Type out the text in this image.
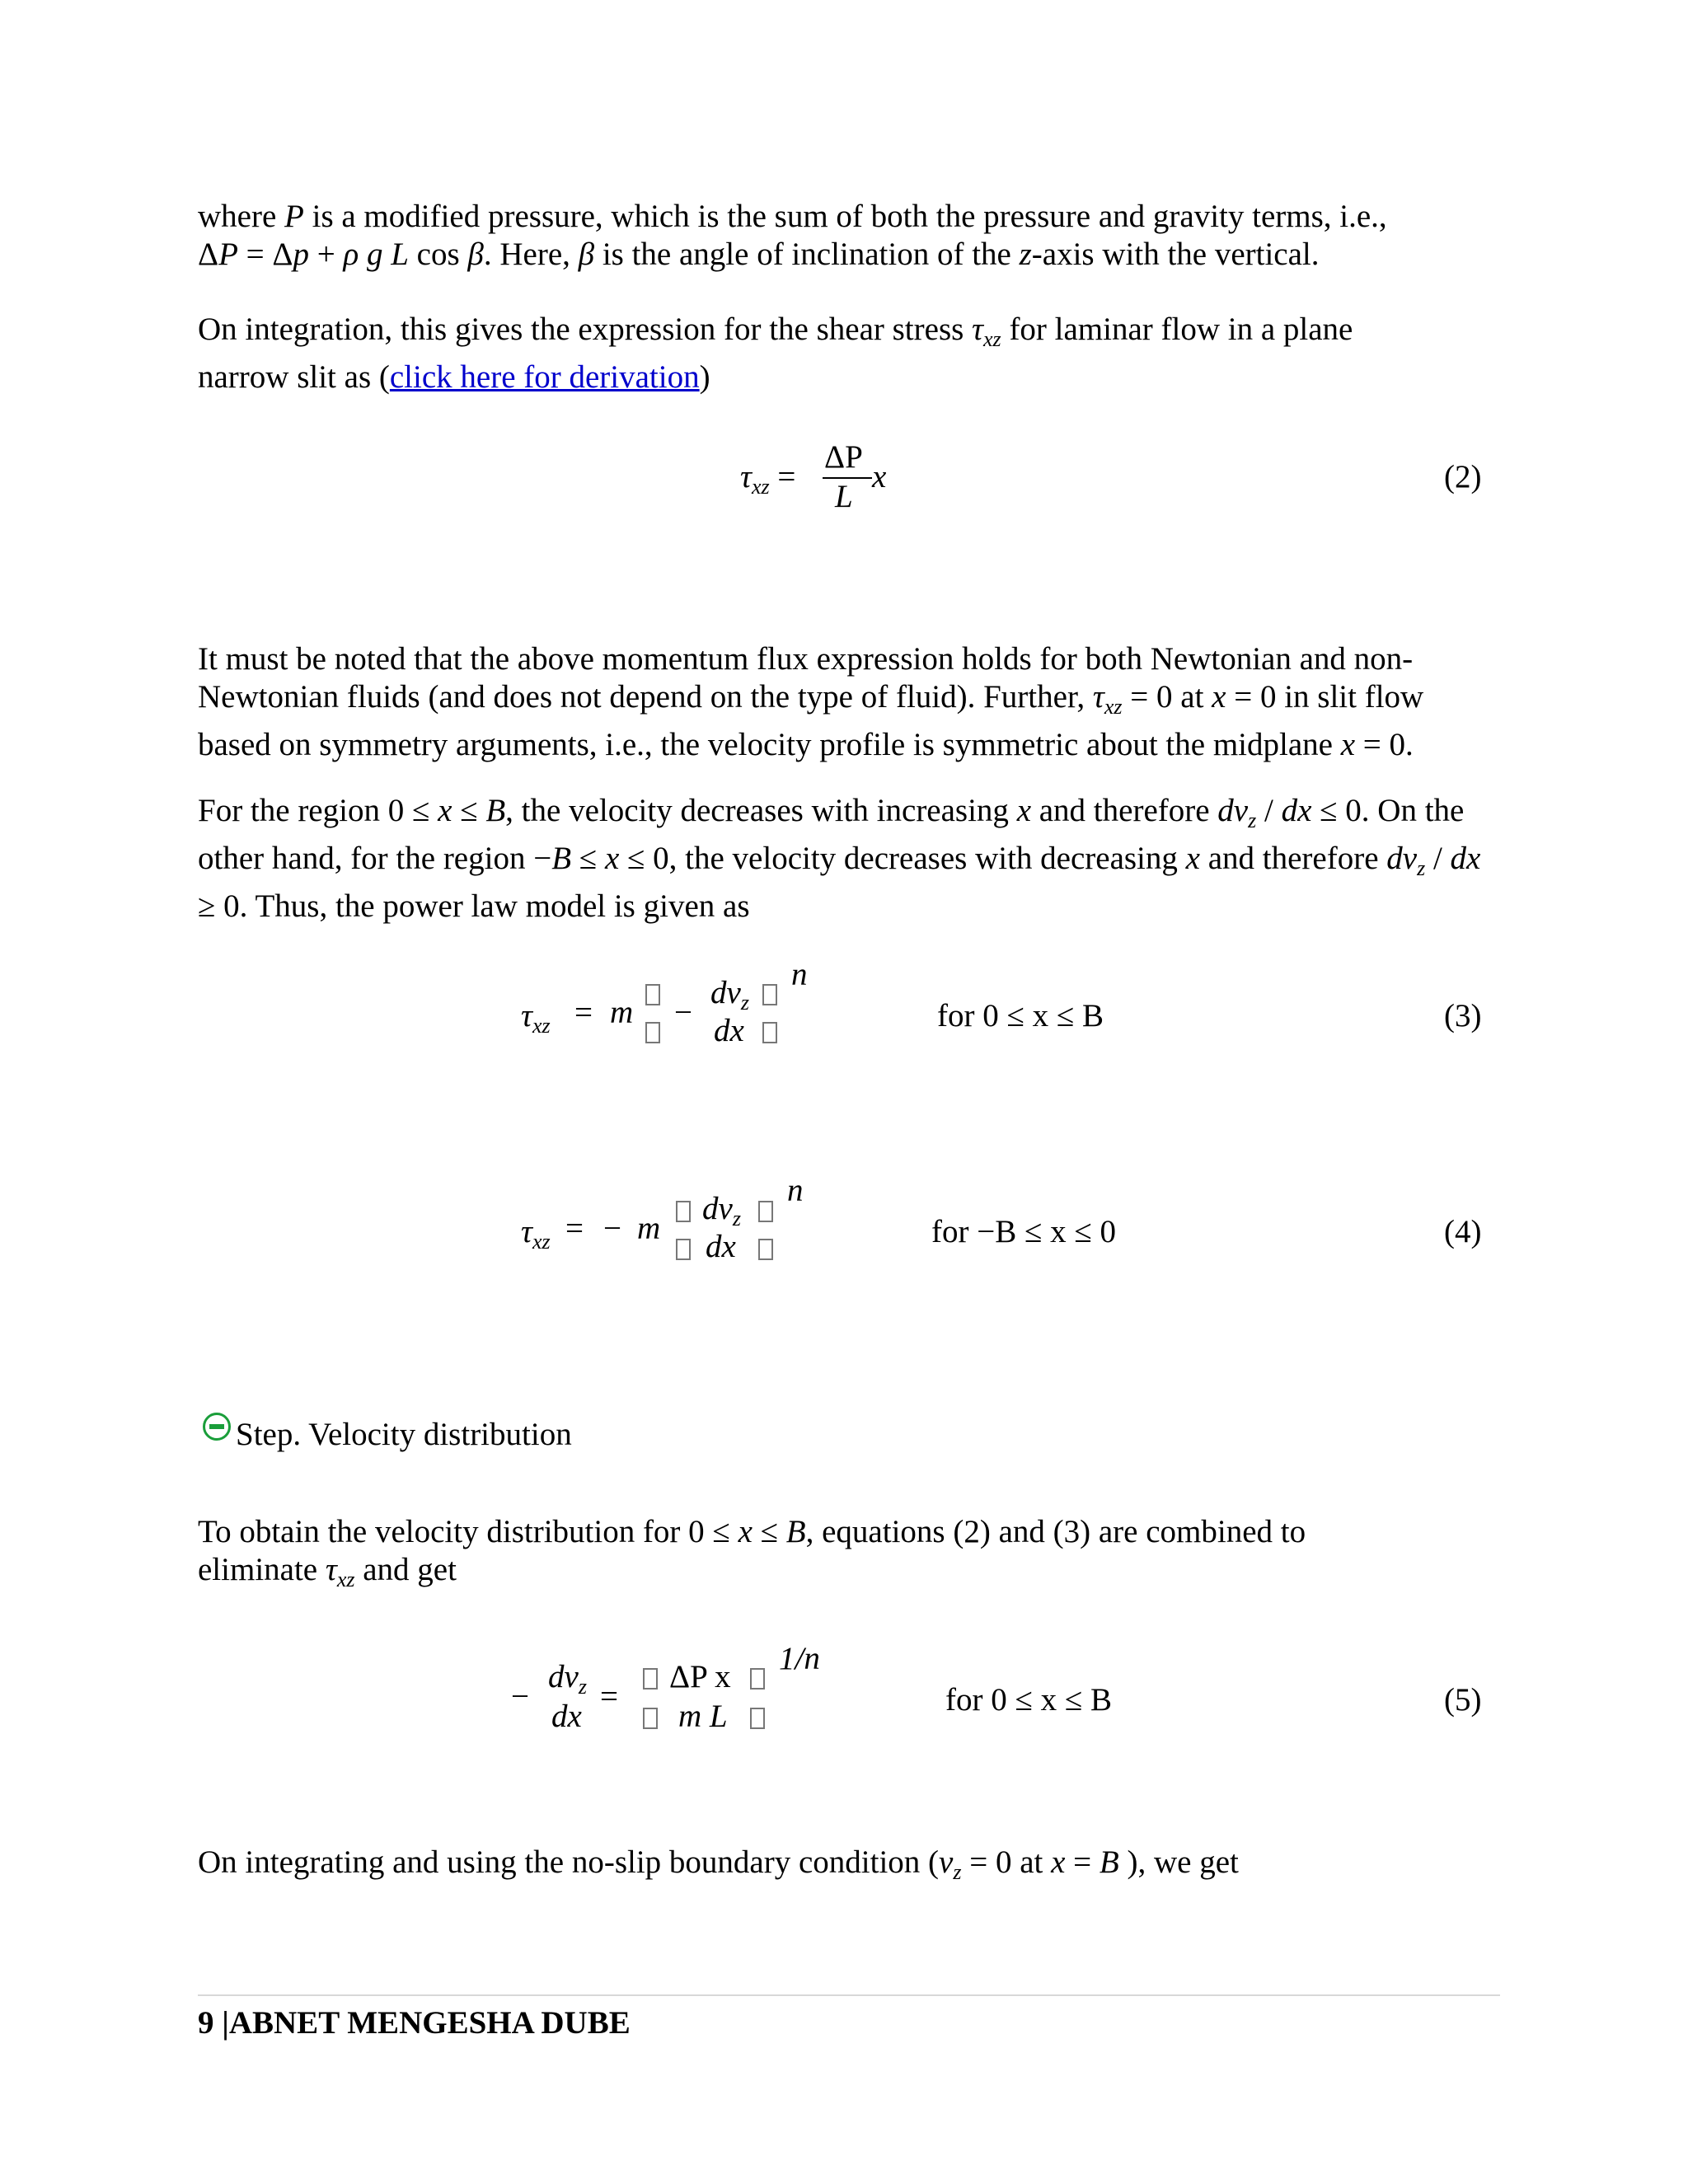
where P is a modified pressure, which is the sum of both the pressure and gravity terms, i.e.,

ΔP = Δp + ρ g L cos β. Here, β is the angle of inclination of the z-axis with the vertical.

On integration, this gives the expression for the shear stress $\tau_{xz}$ for laminar flow in a plane narrow slit as (click here for derivation)

$\tau_{xz}$ =
ΔP
L
x	(2)

It must be noted that the above momentum flux expression holds for both Newtonian and non-Newtonian fluids (and does not depend on the type of fluid). Further, $\tau_{xz} = 0$ at x = 0 in slit flow based on symmetry arguments, i.e., the velocity profile is symmetric about the midplane x = 0.

For the region 0 ≤ x ≤ B, the velocity decreases with increasing x and therefore $dv_z$ / dx ≤ 0. On the other hand, for the region −B ≤ x ≤ 0, the velocity decreases with decreasing x and therefore $dv_z$ / dx ≥ 0. Thus, the power law model is given as

$\tau_{xz} = m$ −
$dv_z$
dx
n
for 0 ≤ x ≤ B	(3)
$\tau_{xz}$ = − m
$dv_z$
dx
n
for −B ≤ x ≤ 0	(4)
Step. Velocity distribution

To obtain the velocity distribution for 0 ≤ x ≤ B, equations (2) and (3) are combined to eliminate $\tau_{xz}$ and get

−
$dv_z$
dx
=
ΔP x
m L
1/n
for 0 ≤ x ≤ B	(5)

On integrating and using the no-slip boundary condition ($v_z = 0$ at x = B ), we get

9 |ABNET MENGESHA DUBE
